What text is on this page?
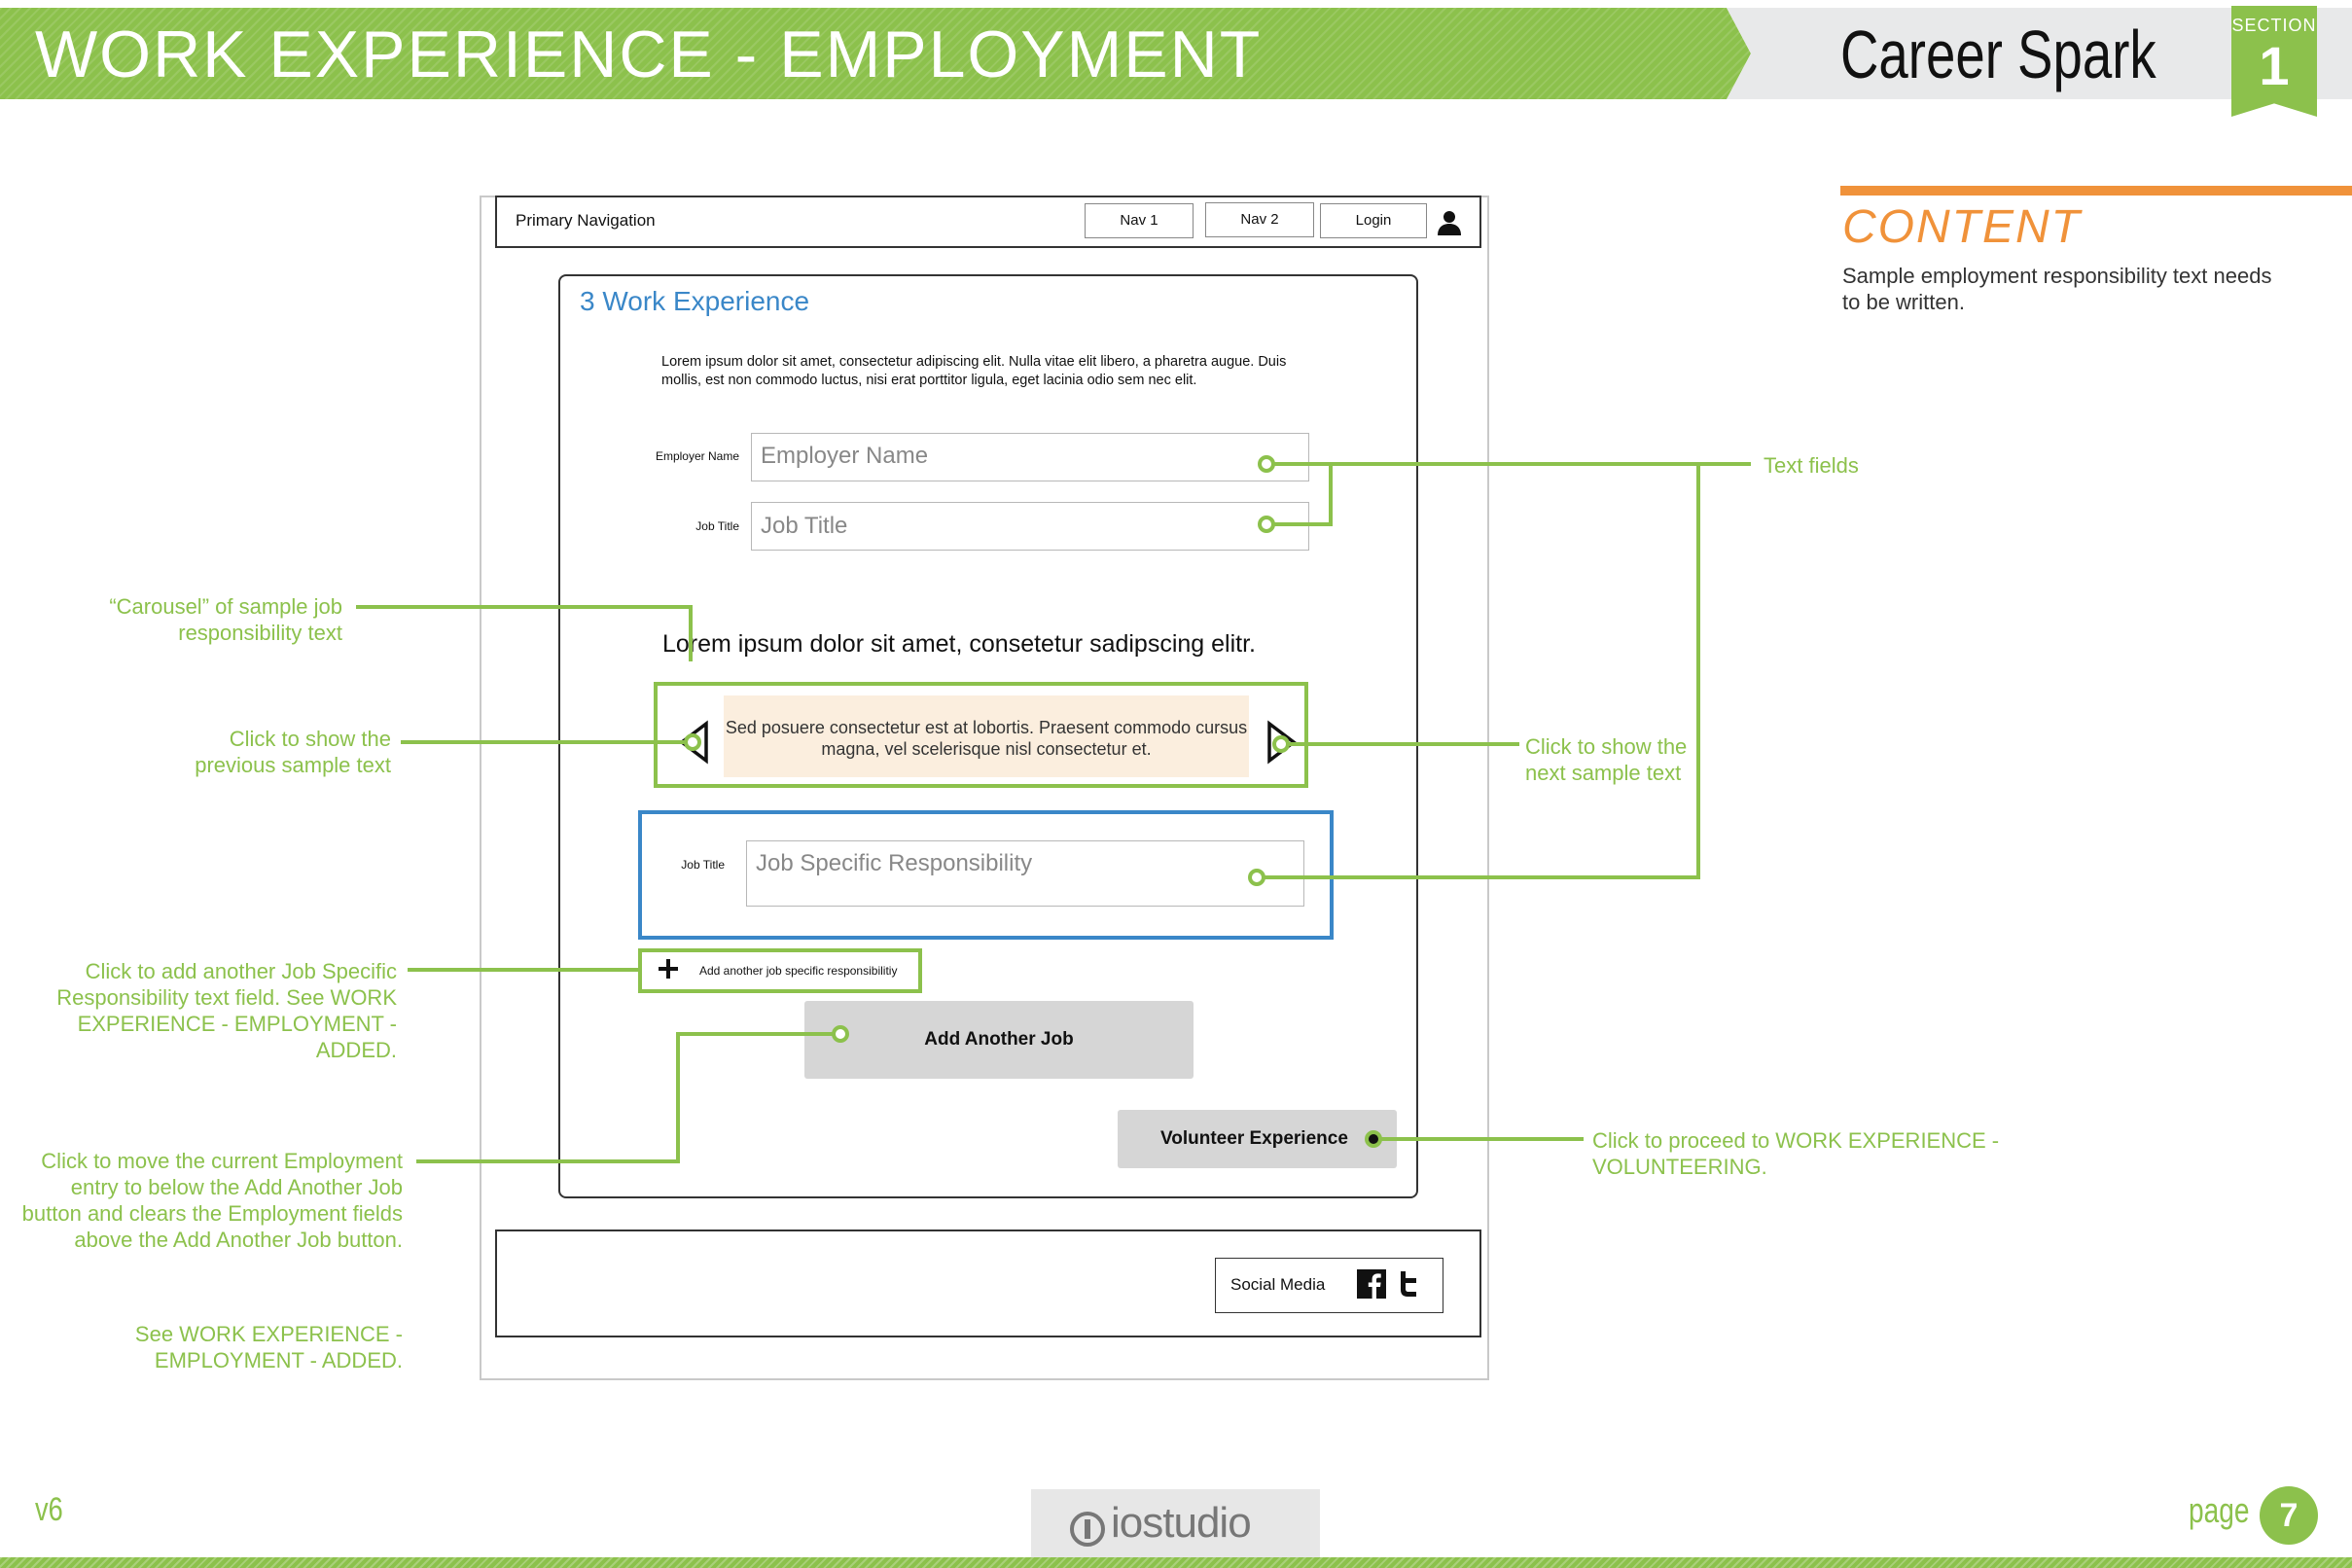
WORK EXPERIENCE - EMPLOYMENT	Career Spark	SECTION
1
CONTENT
Sample employment responsibility text needs to be written.
Primary Navigation	Nav 1	Nav 2	Login
3 Work Experience
Lorem ipsum dolor sit amet, consectetur adipiscing elit. Nulla vitae elit libero, a pharetra augue. Duis mollis, est non commodo luctus, nisi erat porttitor ligula, eget lacinia odio sem nec elit.
Employer Name Employer Name
Job Title Job Title
Lorem ipsum dolor sit amet, consetetur sadipscing elitr.
Sed posuere consectetur est at lobortis. Praesent commodo cursus magna, vel scelerisque nisl consectetur et.
Job Title	Job Specific Responsibility
Add another job specific responsibilitiy
Add Another Job
Volunteer Experience
Social Media
“Carousel” of sample job responsibility text
Click to show the previous sample text
Click to add another Job Specific Responsibility text field. See WORK EXPERIENCE - EMPLOYMENT - ADDED.
Click to move the current Employment entry to below the Add Another Job button and clears the Employment fields above the Add Another Job button.
See WORK EXPERIENCE - EMPLOYMENT - ADDED.
Text fields
Click to show the next sample text
Click to proceed to WORK EXPERIENCE - VOLUNTEERING.
v6	iostudio	page 7
